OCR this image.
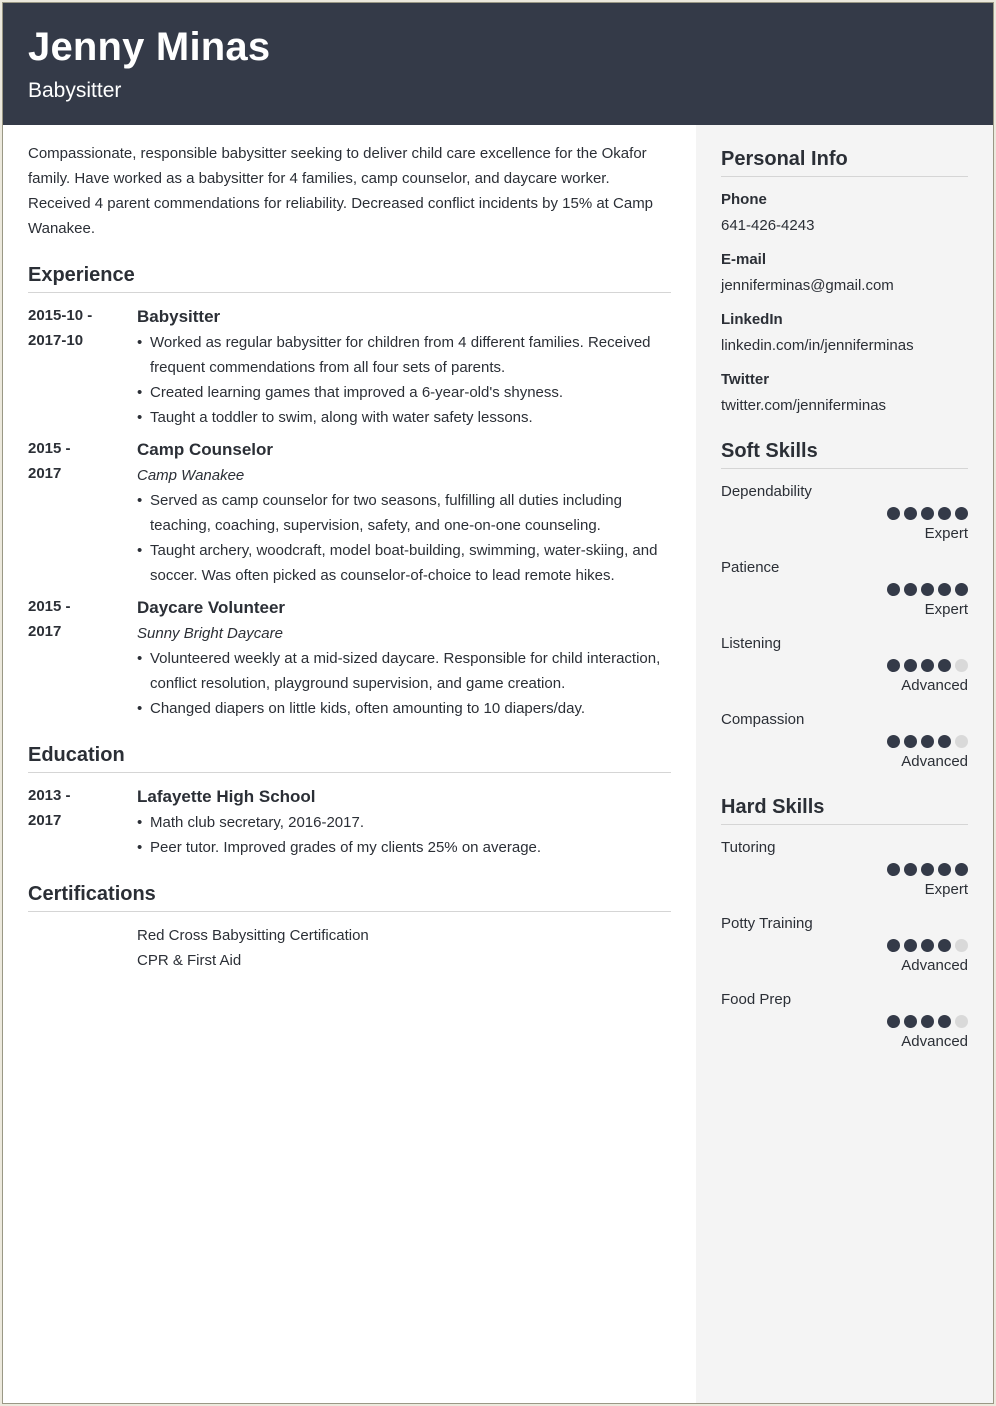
Jenny Minas
Babysitter

Compassionate, responsible babysitter seeking to deliver child care excellence for the Okafor family. Have worked as a babysitter for 4 families, camp counselor, and daycare worker. Received 4 parent commendations for reliability. Decreased conflict incidents by 15% at Camp Wanakee.

Experience
2015-10 -
2017-10
Babysitter
• Worked as regular babysitter for children from 4 different families. Received frequent commendations from all four sets of parents.
• Created learning games that improved a 6-year-old's shyness.
• Taught a toddler to swim, along with water safety lessons.
2015 -
2017
Camp Counselor
Camp Wanakee
• Served as camp counselor for two seasons, fulfilling all duties including teaching, coaching, supervision, safety, and one-on-one counseling.
• Taught archery, woodcraft, model boat-building, swimming, water-skiing, and soccer. Was often picked as counselor-of-choice to lead remote hikes.
2015 -
2017
Daycare Volunteer
Sunny Bright Daycare
• Volunteered weekly at a mid-sized daycare. Responsible for child interaction, conflict resolution, playground supervision, and game creation.
• Changed diapers on little kids, often amounting to 10 diapers/day.
Education
2013 -
2017
Lafayette High School
• Math club secretary, 2016-2017.
• Peer tutor. Improved grades of my clients 25% on average.
Certifications
Red Cross Babysitting Certification
CPR & First Aid
Personal Info
Phone
641-426-4243
E-mail
jenniferminas@gmail.com
LinkedIn
linkedin.com/in/jenniferminas
Twitter
twitter.com/jenniferminas
Soft Skills
Dependability
Expert
Patience
Expert
Listening
Advanced
Compassion
Advanced
Hard Skills
Tutoring
Expert
Potty Training
Advanced
Food Prep
Advanced
